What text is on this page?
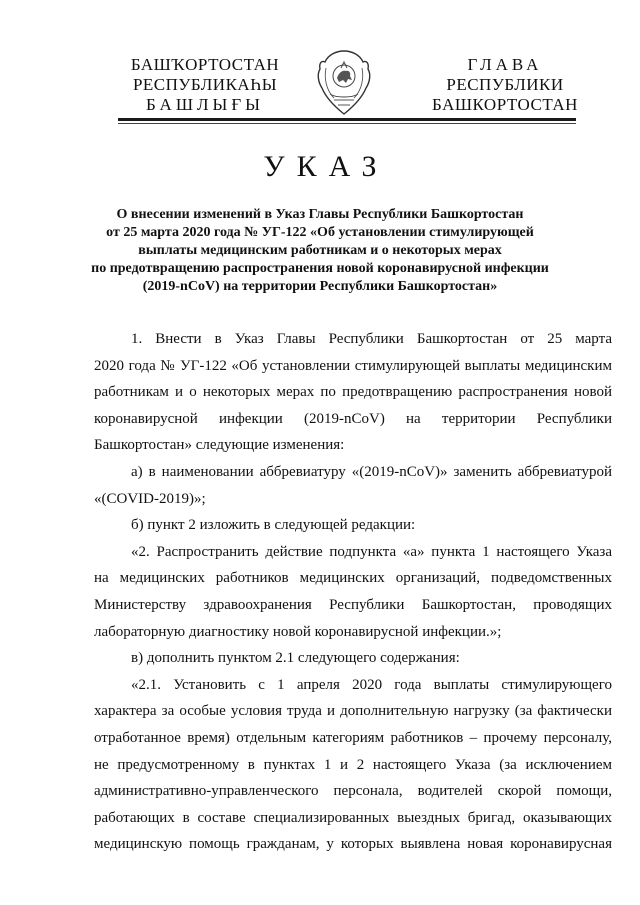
БАШҠОРТОСТАН
РЕСПУБЛИКАҺЫ
БАШЛЫҒЫ
ГЛАВА
РЕСПУБЛИКИ
БАШКОРТОСТАН
УКАЗ
О внесении изменений в Указ Главы Республики Башкортостан
от 25 марта 2020 года № УГ-122 «Об установлении стимулирующей
выплаты медицинским работникам и о некоторых мерах
по предотвращению распространения новой коронавирусной инфекции
(2019-nCoV) на территории Республики Башкортостан»
1. Внести в Указ Главы Республики Башкортостан от 25 марта
2020 года № УГ-122 «Об установлении стимулирующей выплаты медицинским
работникам и о некоторых мерах по предотвращению распространения новой
коронавирусной инфекции (2019-nCoV) на территории Республики
Башкортостан» следующие изменения:
а) в наименовании аббревиатуру «(2019-nCoV)» заменить аббревиатурой
«(COVID-2019)»;
б) пункт 2 изложить в следующей редакции:
«2. Распространить действие подпункта «а» пункта 1 настоящего Указа
на медицинских работников медицинских организаций, подведомственных
Министерству здравоохранения Республики Башкортостан, проводящих
лабораторную диагностику новой коронавирусной инфекции.»;
в) дополнить пунктом 2.1 следующего содержания:
«2.1. Установить с 1 апреля 2020 года выплаты стимулирующего
характера за особые условия труда и дополнительную нагрузку (за фактически
отработанное время) отдельным категориям работников – прочему персоналу,
не предусмотренному в пунктах 1 и 2 настоящего Указа (за исключением
административно-управленческого персонала, водителей скорой помощи,
работающих в составе специализированных выездных бригад, оказывающих
медицинскую помощь гражданам, у которых выявлена новая коронавирусная
